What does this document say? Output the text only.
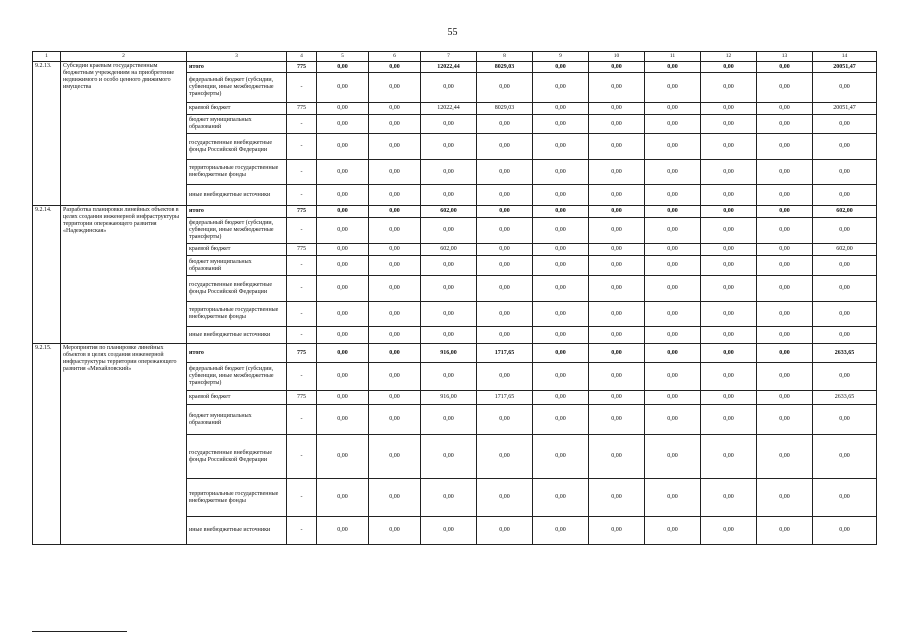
55
1	2	3	4	5	6	7	8	9	10	11	12	13	14
9.2.13.	Субсидии краевым государственным бюджетным учреждениям на приобретение недвижимого и особо ценного движимого имущества	итого	775	0,00	0,00	12022,44	8029,03	0,00	0,00	0,00	0,00	0,00	20051,47
		федеральный бюджет (субсидии, субвенции, иные межбюджетные трансферты)	-	0,00	0,00	0,00	0,00	0,00	0,00	0,00	0,00	0,00	0,00
		краевой бюджет	775	0,00	0,00	12022,44	8029,03	0,00	0,00	0,00	0,00	0,00	20051,47
		бюджет муниципальных образований	-	0,00	0,00	0,00	0,00	0,00	0,00	0,00	0,00	0,00	0,00
		государственные внебюджетные фонды Российской Федерации	-	0,00	0,00	0,00	0,00	0,00	0,00	0,00	0,00	0,00	0,00
		территориальные государственные внебюджетные фонды	-	0,00	0,00	0,00	0,00	0,00	0,00	0,00	0,00	0,00	0,00
		иные внебюджетные источники	-	0,00	0,00	0,00	0,00	0,00	0,00	0,00	0,00	0,00	0,00
9.2.14.	Разработка планировки линейных объектов в целях создания инженерной инфраструктуры территории опережающего развития «Надеждинская»	итого	775	0,00	0,00	602,00	0,00	0,00	0,00	0,00	0,00	0,00	602,00
		федеральный бюджет (субсидии, субвенции, иные межбюджетные трансферты)	-	0,00	0,00	0,00	0,00	0,00	0,00	0,00	0,00	0,00	0,00
		краевой бюджет	775	0,00	0,00	602,00	0,00	0,00	0,00	0,00	0,00	0,00	602,00
		бюджет муниципальных образований	-	0,00	0,00	0,00	0,00	0,00	0,00	0,00	0,00	0,00	0,00
		государственные внебюджетные фонды Российской Федерации	-	0,00	0,00	0,00	0,00	0,00	0,00	0,00	0,00	0,00	0,00
		территориальные государственные внебюджетные фонды	-	0,00	0,00	0,00	0,00	0,00	0,00	0,00	0,00	0,00	0,00
		иные внебюджетные источники	-	0,00	0,00	0,00	0,00	0,00	0,00	0,00	0,00	0,00	0,00
9.2.15.	Мероприятия по планировке линейных объектов в целях создания инженерной инфраструктуры территории опережающего развития «Михайловский»	итого	775	0,00	0,00	916,00	1717,65	0,00	0,00	0,00	0,00	0,00	2633,65
		федеральный бюджет (субсидии, субвенции, иные межбюджетные трансферты)	-	0,00	0,00	0,00	0,00	0,00	0,00	0,00	0,00	0,00	0,00
		краевой бюджет	775	0,00	0,00	916,00	1717,65	0,00	0,00	0,00	0,00	0,00	2633,65
		бюджет муниципальных образований	-	0,00	0,00	0,00	0,00	0,00	0,00	0,00	0,00	0,00	0,00
		государственные внебюджетные фонды Российской Федерации	-	0,00	0,00	0,00	0,00	0,00	0,00	0,00	0,00	0,00	0,00
		территориальные государственные внебюджетные фонды	-	0,00	0,00	0,00	0,00	0,00	0,00	0,00	0,00	0,00	0,00
		иные внебюджетные источники	-	0,00	0,00	0,00	0,00	0,00	0,00	0,00	0,00	0,00	0,00
